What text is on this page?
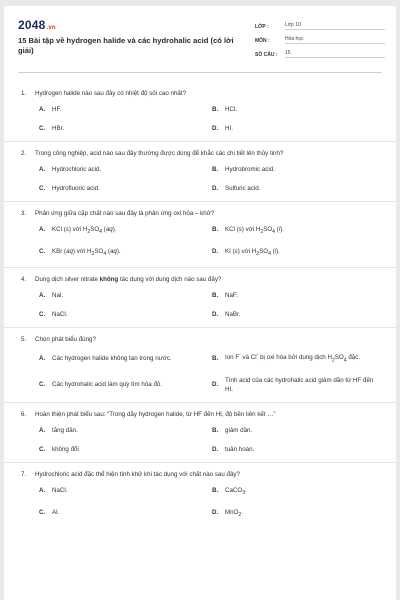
2048.vn
15 Bài tập về hydrogen halide và các hydrohalic acid (có lời giải)
LỚP :	Lớp 10
MÔN :	Hóa học
SỐ CÂU :	15
1.	Hydrogen halide nào sau đây có nhiệt độ sôi cao nhất?
A.	HF.	B.	HCl.
C.	HBr.	D.	HI.
2.	Trong công nghiệp, acid nào sau đây thường được dùng để khắc các chi tiết lên thủy tinh?
A.	Hydrochloric acid.	B.	Hydrobromic acid.
C.	Hydrofluoric acid.	D.	Sulfuric acid.
3.	Phản ứng giữa cặp chất nào sau đây là phản ứng oxi hóa – khử?
A.	KCl (s) với $H_2SO_4$ (aq).	B.	KCl (s) với $H_2SO_4$ (l).
C.	KBr (aq) với $H_2SO_4$ (aq).	D.	KI (s) với $H_2SO_4$ (l).
4.	Dung dịch silver nitrate không tác dụng với dung dịch nào sau đây?
A.	NaI.	B.	NaF.
C.	NaCl.	D.	NaBr.
5.	Chọn phát biểu đúng?
A.	Các hydrogen halide không tan trong nước.	B.	Ion F- và Cl- bị oxi hóa bởi dung dịch $H_2SO_4$ đặc.
C.	Các hydrohalic acid làm quỳ tím hóa đỏ.	D.
Tính acid của các hydrohalic acid giảm dần từ HF đến HI.
6.	Hoàn thiện phát biểu sau: “Trong dãy hydrogen halide, từ HF đến HI, độ bền liên kết …”
A.	tăng dần.	B.	giảm dần.
C.	không đổi	D.	tuần hoàn.
7.	Hydrochloric acid đặc thể hiện tính khử khi tác dụng với chất nào sau đây?
A.	NaCl.	B.	CaCO$_3$.
C.	Al.	D.	MnO$_2$.
